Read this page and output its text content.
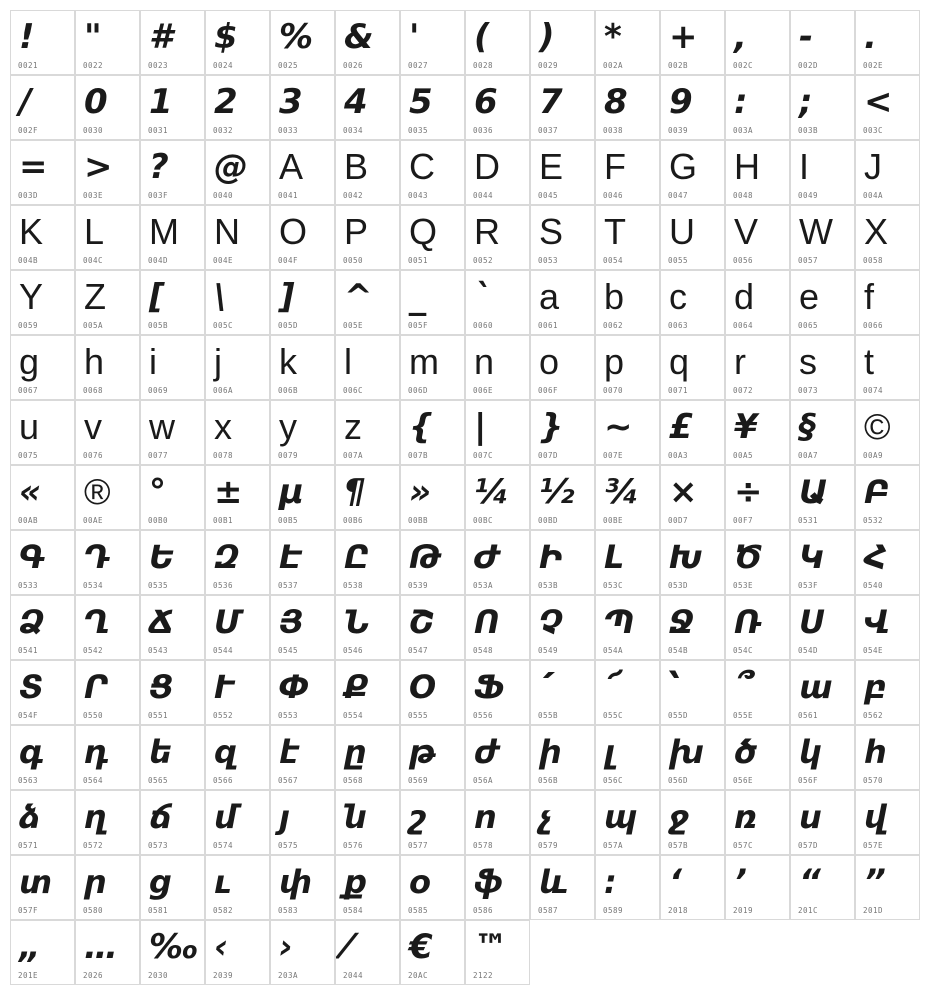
!
0021
"
0022
#
0023
$
0024
%
0025
&
0026
'
0027
(
0028
)
0029
*
002A
+
002B
,
002C
-
002D
.
002E
/
002F
0
0030
1
0031
2
0032
3
0033
4
0034
5
0035
6
0036
7
0037
8
0038
9
0039
:
003A
;
003B
<
003C
=
003D
>
003E
?
003F
@
0040
A
0041
B
0042
C
0043
D
0044
E
0045
F
0046
G
0047
H
0048
I
0049
J
004A
K
004B
L
004C
M
004D
N
004E
O
004F
P
0050
Q
0051
R
0052
S
0053
T
0054
U
0055
V
0056
W
0057
X
0058
Y
0059
Z
005A
[
005B
\
005C
]
005D
^
005E
_
005F
`
0060
a
0061
b
0062
c
0063
d
0064
e
0065
f
0066
g
0067
h
0068
i
0069
j
006A
k
006B
l
006C
m
006D
n
006E
o
006F
p
0070
q
0071
r
0072
s
0073
t
0074
u
0075
v
0076
w
0077
x
0078
y
0079
z
007A
{
007B
|
007C
}
007D
~
007E
£
00A3
¥
00A5
§
00A7
©
00A9
«
00AB
®
00AE
°
00B0
±
00B1
µ
00B5
¶
00B6
»
00BB
¼
00BC
½
00BD
¾
00BE
×
00D7
÷
00F7
Ա
0531
Բ
0532
Գ
0533
Դ
0534
Ե
0535
Զ
0536
Է
0537
Ը
0538
Թ
0539
Ժ
053A
Ի
053B
Լ
053C
Խ
053D
Ծ
053E
Կ
053F
Հ
0540
Ձ
0541
Ղ
0542
Ճ
0543
Մ
0544
Յ
0545
Ն
0546
Շ
0547
Ո
0548
Չ
0549
Պ
054A
Ջ
054B
Ռ
054C
Ս
054D
Վ
054E
Տ
054F
Ր
0550
Ց
0551
Ւ
0552
Փ
0553
Ք
0554
Օ
0555
Ֆ
0556
՛
055B
՜
055C
՝
055D
՞
055E
ա
0561
բ
0562
գ
0563
դ
0564
ե
0565
զ
0566
է
0567
ը
0568
թ
0569
ժ
056A
ի
056B
լ
056C
խ
056D
ծ
056E
կ
056F
հ
0570
ձ
0571
ղ
0572
ճ
0573
մ
0574
յ
0575
ն
0576
շ
0577
ո
0578
չ
0579
պ
057A
ջ
057B
ռ
057C
ս
057D
վ
057E
տ
057F
ր
0580
ց
0581
ւ
0582
փ
0583
ք
0584
օ
0585
ֆ
0586
և
0587
։
0589
‘
2018
’
2019
“
201C
”
201D
„
201E
…
2026
‰
2030
‹
2039
›
203A
⁄
2044
€
20AC
™
2122
